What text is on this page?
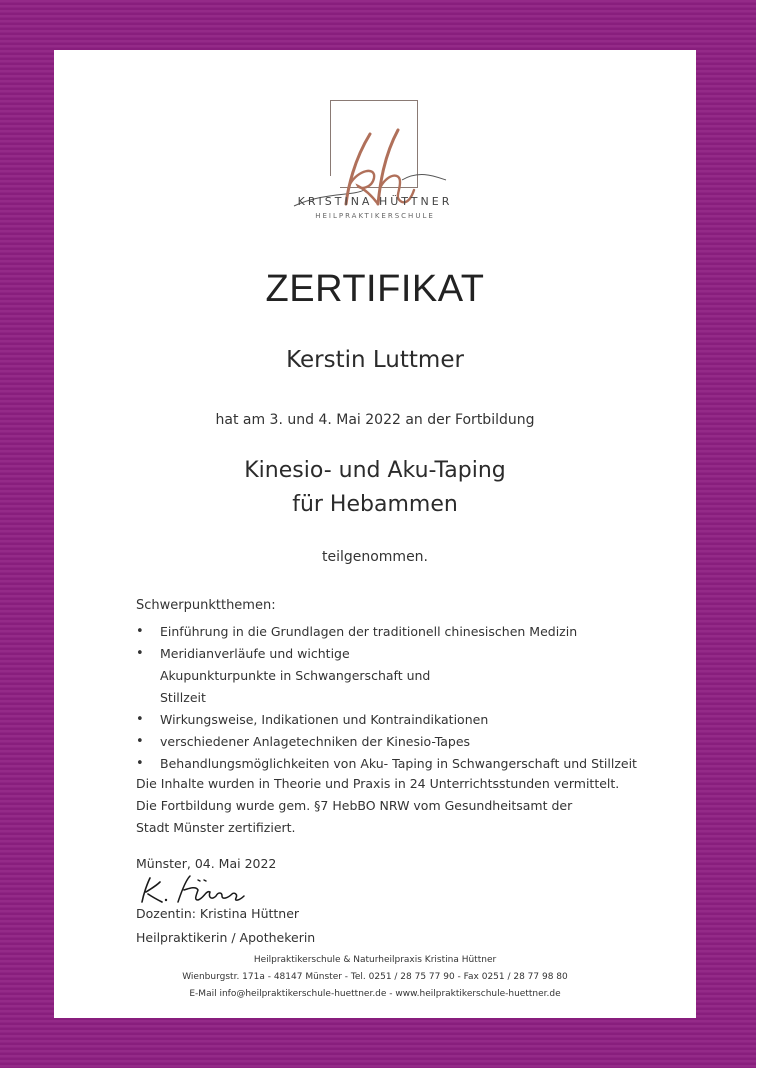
KRISTINA HÜTTNER
HEILPRAKTIKERSCHULE
ZERTIFIKAT
Kerstin Luttmer
hat am 3. und 4. Mai 2022 an der Fortbildung
Kinesio- und Aku-Taping
für Hebammen
teilgenommen.
Schwerpunktthemen:
• Einführung in die Grundlagen der traditionell chinesischen Medizin
• Meridianverläufe und wichtige Akupunkturpunkte in Schwangerschaft und Stillzeit
• Wirkungsweise, Indikationen und Kontraindikationen
• verschiedener Anlagetechniken der Kinesio-Tapes
• Behandlungsmöglichkeiten von Aku- Taping in Schwangerschaft und Stillzeit
Die Inhalte wurden in Theorie und Praxis in 24 Unterrichtsstunden vermittelt.
Die Fortbildung wurde gem. §7 HebBO NRW vom Gesundheitsamt der Stadt Münster zertifiziert.
Münster, 04. Mai 2022
Dozentin: Kristina Hüttner
Heilpraktikerin / Apothekerin
Heilpraktikerschule & Naturheilpraxis Kristina Hüttner
Wienburgstr. 171a - 48147 Münster - Tel. 0251 / 28 75 77 90 - Fax 0251 / 28 77 98 80
E-Mail info@heilpraktikerschule-huettner.de - www.heilpraktikerschule-huettner.de
